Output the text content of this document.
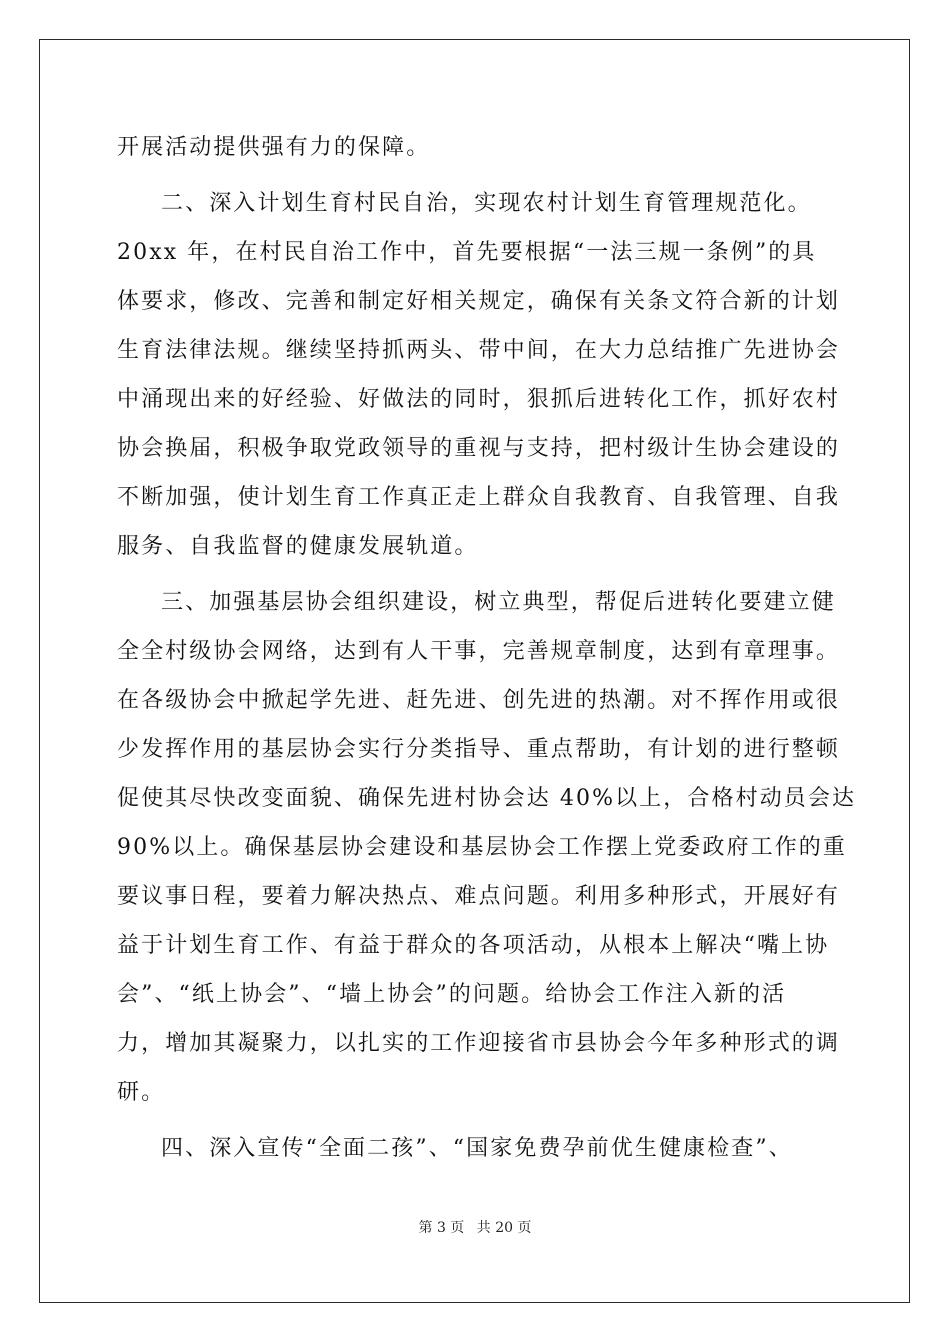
开展活动提供强有力的保障。
二、深入计划生育村民自治，实现农村计划生育管理规范化。
20xx 年，在村民自治工作中，首先要根据“一法三规一条例”的具
体要求，修改、完善和制定好相关规定，确保有关条文符合新的计划
生育法律法规。继续坚持抓两头、带中间，在大力总结推广先进协会
中涌现出来的好经验、好做法的同时，狠抓后进转化工作，抓好农村
协会换届，积极争取党政领导的重视与支持，把村级计生协会建设的
不断加强，使计划生育工作真正走上群众自我教育、自我管理、自我
服务、自我监督的健康发展轨道。
三、加强基层协会组织建设，树立典型，帮促后进转化要建立健
全全村级协会网络，达到有人干事，完善规章制度，达到有章理事。
在各级协会中掀起学先进、赶先进、创先进的热潮。对不挥作用或很
少发挥作用的基层协会实行分类指导、重点帮助，有计划的进行整顿
促使其尽快改变面貌、确保先进村协会达 40%以上，合格村动员会达
90%以上。确保基层协会建设和基层协会工作摆上党委政府工作的重
要议事日程，要着力解决热点、难点问题。利用多种形式，开展好有
益于计划生育工作、有益于群众的各项活动，从根本上解决“嘴上协
会”、“纸上协会”、“墙上协会”的问题。给协会工作注入新的活
力，增加其凝聚力，以扎实的工作迎接省市县协会今年多种形式的调
研。
四、深入宣传“全面二孩”、“国家免费孕前优生健康检查”、
第 3 页 共 20 页
